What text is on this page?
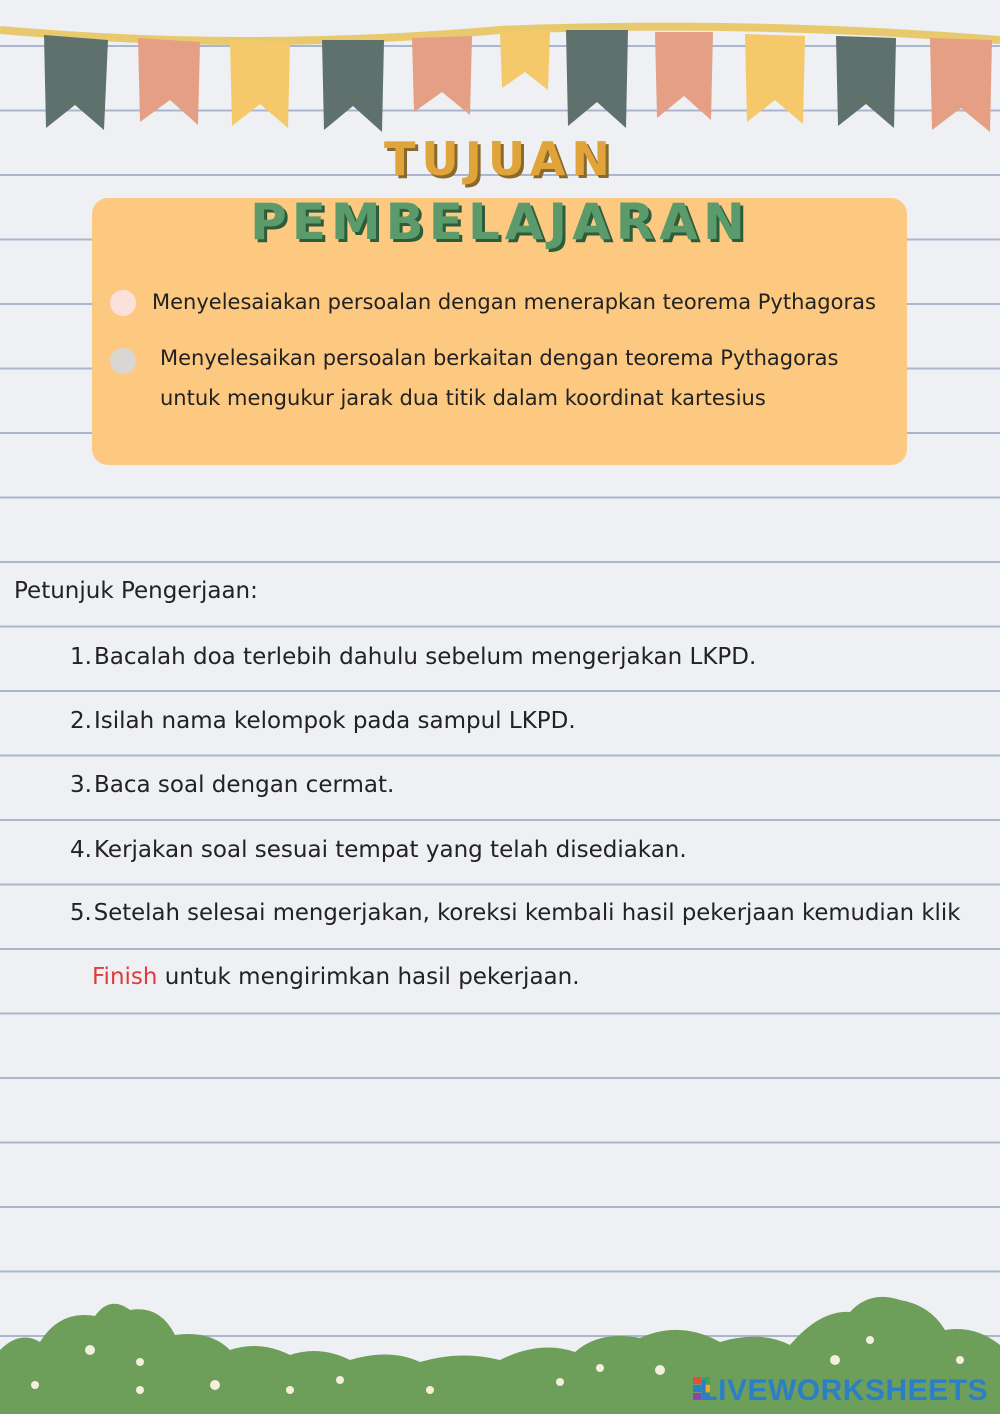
TUJUAN
PEMBELAJARAN
Menyelesaiakan persoalan dengan menerapkan teorema Pythagoras
Menyelesaikan persoalan berkaitan dengan teorema Pythagoras untuk mengukur jarak dua titik dalam koordinat kartesius
Petunjuk Pengerjaan:
1.Bacalah doa terlebih dahulu sebelum mengerjakan LKPD.
2.Isilah nama kelompok pada sampul LKPD.
3.Baca soal dengan cermat.
4.Kerjakan soal sesuai tempat yang telah disediakan.
5.Setelah selesai mengerjakan, koreksi kembali hasil pekerjaan kemudian klik
Finish untuk mengirimkan hasil pekerjaan.
LIVEWORKSHEETS
